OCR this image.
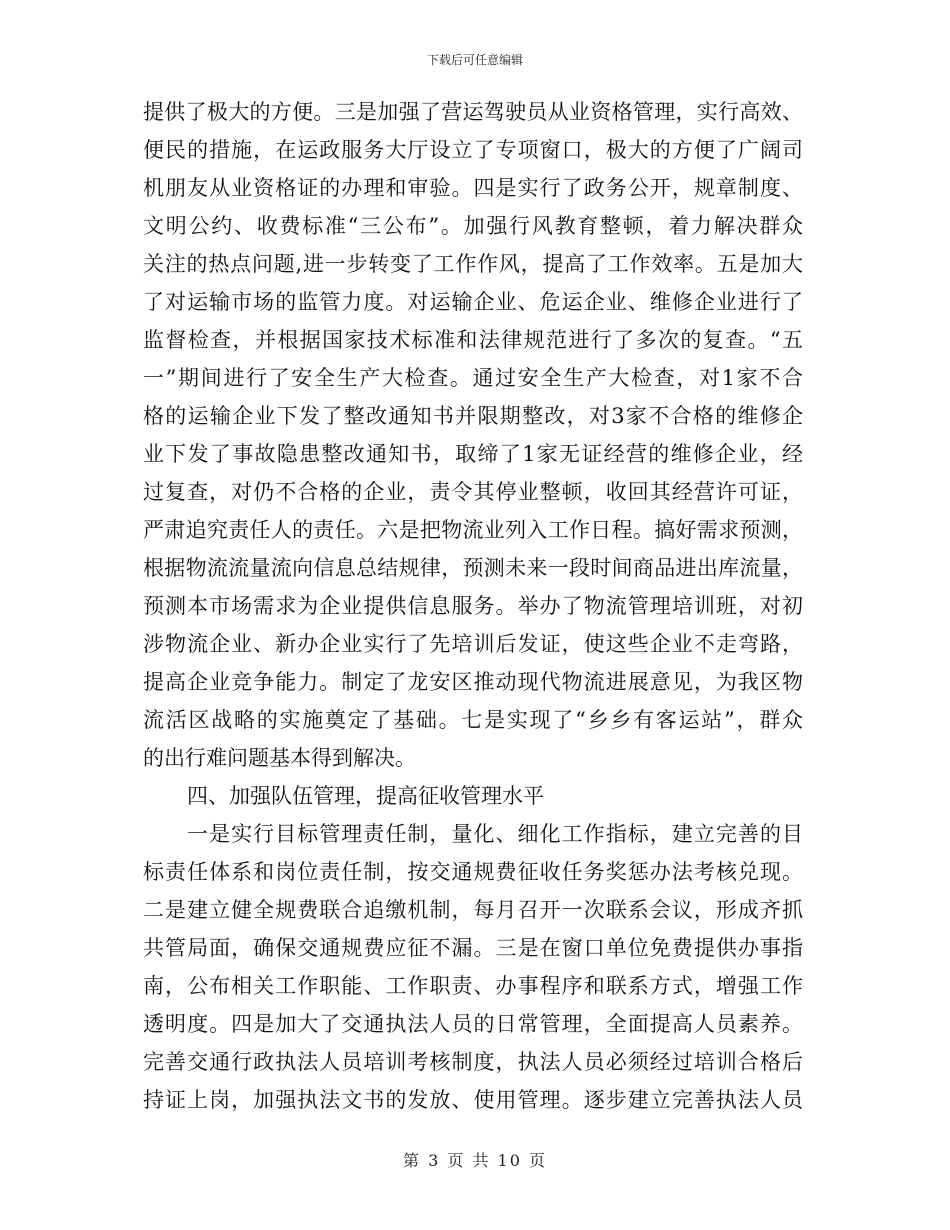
下载后可任意编辑
提供了极大的方便。三是加强了营运驾驶员从业资格管理，实行高效、
便民的措施，在运政服务大厅设立了专项窗口，极大的方便了广阔司
机朋友从业资格证的办理和审验。四是实行了政务公开，规章制度、
文明公约、收费标准“三公布”。加强行风教育整顿，着力解决群众
关注的热点问题,进一步转变了工作作风，提高了工作效率。五是加大
了对运输市场的监管力度。对运输企业、危运企业、维修企业进行了
监督检查，并根据国家技术标准和法律规范进行了多次的复查。“五
一”期间进行了安全生产大检查。通过安全生产大检查，对1家不合
格的运输企业下发了整改通知书并限期整改，对3家不合格的维修企
业下发了事故隐患整改通知书，取缔了1家无证经营的维修企业，经
过复查，对仍不合格的企业，责令其停业整顿，收回其经营许可证，
严肃追究责任人的责任。六是把物流业列入工作日程。搞好需求预测，
根据物流流量流向信息总结规律，预测未来一段时间商品进出库流量，
预测本市场需求为企业提供信息服务。举办了物流管理培训班，对初
涉物流企业、新办企业实行了先培训后发证，使这些企业不走弯路，
提高企业竞争能力。制定了龙安区推动现代物流进展意见，为我区物
流活区战略的实施奠定了基础。七是实现了“乡乡有客运站”，群众
的出行难问题基本得到解决。
四、加强队伍管理，提高征收管理水平
一是实行目标管理责任制，量化、细化工作指标，建立完善的目
标责任体系和岗位责任制，按交通规费征收任务奖惩办法考核兑现。
二是建立健全规费联合追缴机制，每月召开一次联系会议，形成齐抓
共管局面，确保交通规费应征不漏。三是在窗口单位免费提供办事指
南，公布相关工作职能、工作职责、办事程序和联系方式，增强工作
透明度。四是加大了交通执法人员的日常管理，全面提高人员素养。
完善交通行政执法人员培训考核制度，执法人员必须经过培训合格后
持证上岗，加强执法文书的发放、使用管理。逐步建立完善执法人员
第 3 页 共 10 页
